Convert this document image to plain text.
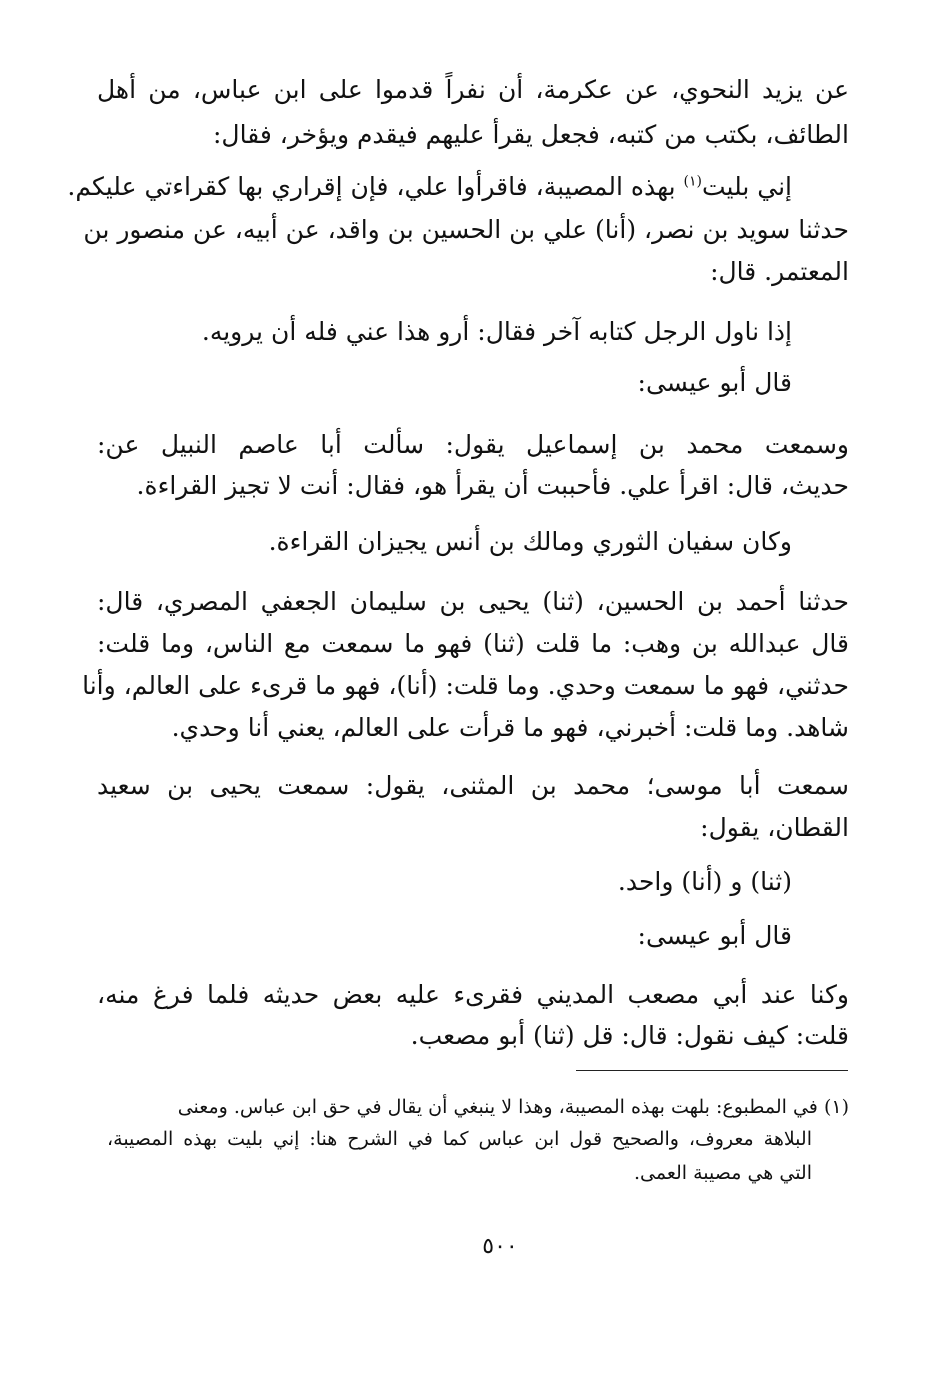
عن يزيد النحوي، عن عكرمة، أن نفراً قدموا على ابن عباس، من أهل
الطائف، بكتب من كتبه، فجعل يقرأ عليهم فيقدم ويؤخر، فقال:
إني بليت$^{(١)}$ بهذه المصيبة، فاقرأوا علي، فإن إقراري بها كقراءتي عليكم.
حدثنا سويد بن نصر، (أنا) علي بن الحسين بن واقد، عن أبيه، عن منصور بن
المعتمر. قال:
إذا ناول الرجل كتابه آخر فقال: أرو هذا عني فله أن يرويه.
قال أبو عيسى:
وسمعت محمد بن إسماعيل يقول: سألت أبا عاصم النبيل عن:
حديث، قال: اقرأ علي. فأحببت أن يقرأ هو، فقال: أنت لا تجيز القراءة.
وكان سفيان الثوري ومالك بن أنس يجيزان القراءة.
حدثنا أحمد بن الحسين، (ثنا) يحيى بن سليمان الجعفي المصري، قال:
قال عبدالله بن وهب: ما قلت (ثنا) فهو ما سمعت مع الناس، وما قلت:
حدثني، فهو ما سمعت وحدي. وما قلت: (أنا)، فهو ما قرىء على العالم، وأنا
شاهد. وما قلت: أخبرني، فهو ما قرأت على العالم، يعني أنا وحدي.
سمعت أبا موسى؛ محمد بن المثنى، يقول: سمعت يحيى بن سعيد
القطان، يقول:
(ثنا) و (أنا) واحد.
قال أبو عيسى:
وكنا عند أبي مصعب المديني فقرىء عليه بعض حديثه فلما فرغ منه،
قلت: كيف نقول: قال: قل (ثنا) أبو مصعب.
(١) في المطبوع: بلهت بهذه المصيبة، وهذا لا ينبغي أن يقال في حق ابن عباس. ومعنى
البلاهة معروف، والصحيح قول ابن عباس كما في الشرح هنا: إني بليت بهذه المصيبة،
التي هي مصيبة العمى.
٥٠٠
